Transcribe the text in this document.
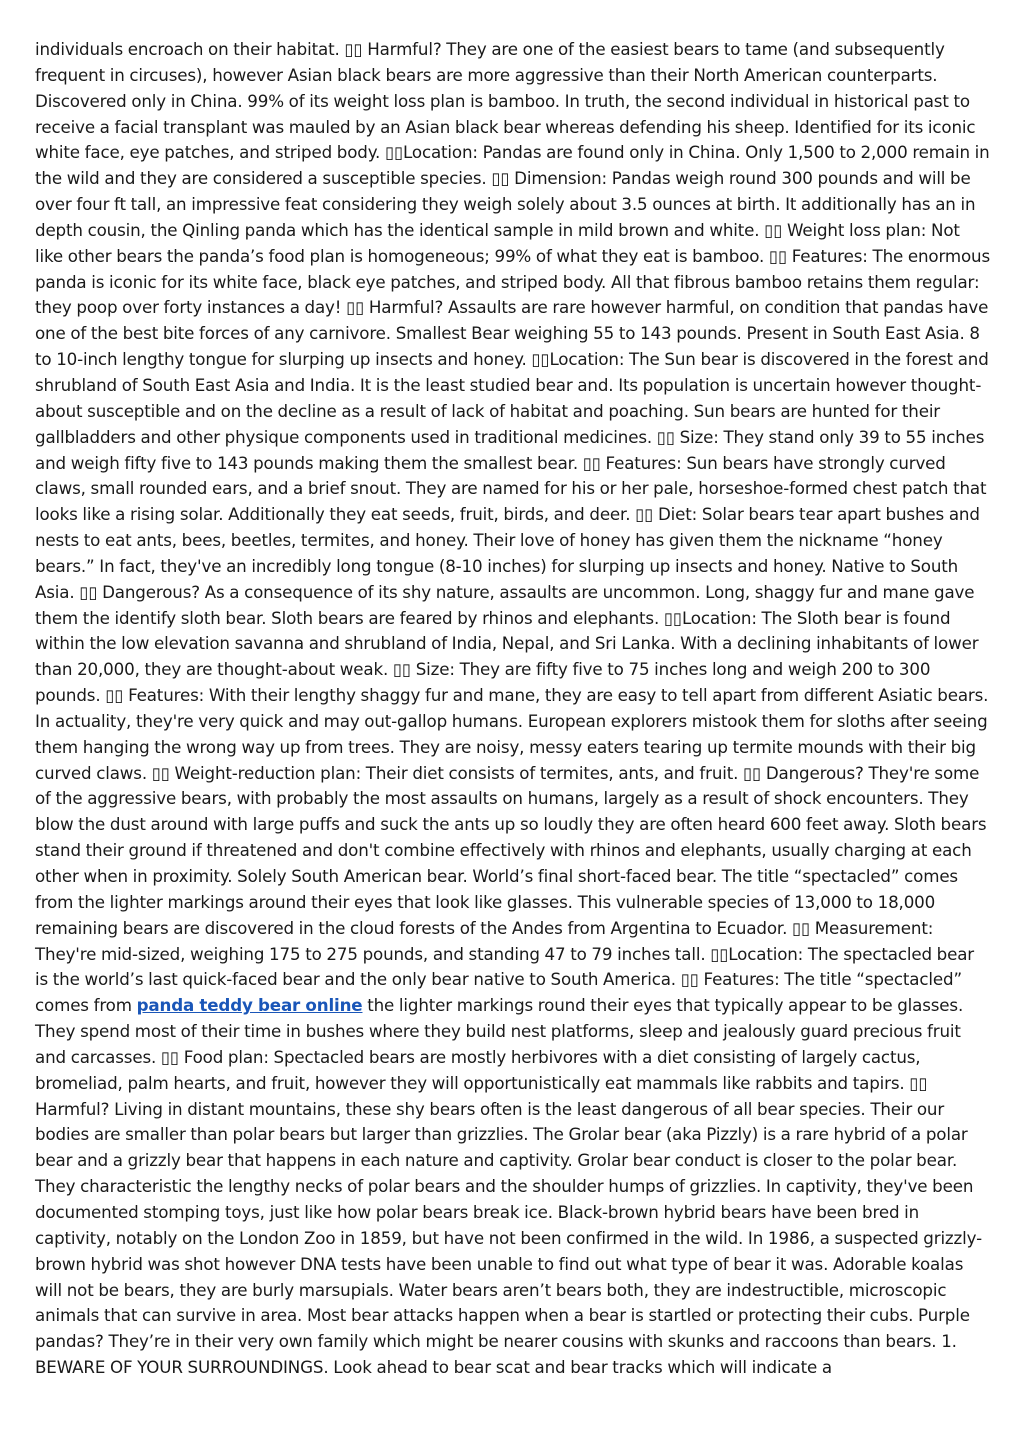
individuals encroach on their habitat. ▯▯ Harmful? They are one of the easiest bears to tame (and subsequently frequent in circuses), however Asian black bears are more aggressive than their North American counterparts. Discovered only in China. 99% of its weight loss plan is bamboo. In truth, the second individual in historical past to receive a facial transplant was mauled by an Asian black bear whereas defending his sheep. Identified for its iconic white face, eye patches, and striped body. ▯▯Location: Pandas are found only in China. Only 1,500 to 2,000 remain in the wild and they are considered a susceptible species. ▯▯ Dimension: Pandas weigh round 300 pounds and will be over four ft tall, an impressive feat considering they weigh solely about 3.5 ounces at birth. It additionally has an in depth cousin, the Qinling panda which has the identical sample in mild brown and white. ▯▯ Weight loss plan: Not like other bears the panda’s food plan is homogeneous; 99% of what they eat is bamboo. ▯▯ Features: The enormous panda is iconic for its white face, black eye patches, and striped body. All that fibrous bamboo retains them regular: they poop over forty instances a day! ▯▯ Harmful? Assaults are rare however harmful, on condition that pandas have one of the best bite forces of any carnivore. Smallest Bear weighing 55 to 143 pounds. Present in South East Asia. 8 to 10-inch lengthy tongue for slurping up insects and honey. ▯▯Location: The Sun bear is discovered in the forest and shrubland of South East Asia and India. It is the least studied bear and. Its population is uncertain however thought-about susceptible and on the decline as a result of lack of habitat and poaching. Sun bears are hunted for their gallbladders and other physique components used in traditional medicines. ▯▯ Size: They stand only 39 to 55 inches and weigh fifty five to 143 pounds making them the smallest bear. ▯▯ Features: Sun bears have strongly curved claws, small rounded ears, and a brief snout. They are named for his or her pale, horseshoe-formed chest patch that looks like a rising solar. Additionally they eat seeds, fruit, birds, and deer. ▯▯ Diet: Solar bears tear apart bushes and nests to eat ants, bees, beetles, termites, and honey. Their love of honey has given them the nickname “honey bears.” In fact, they've an incredibly long tongue (8-10 inches) for slurping up insects and honey. Native to South Asia. ▯▯ Dangerous? As a consequence of its shy nature, assaults are uncommon. Long, shaggy fur and mane gave them the identify sloth bear. Sloth bears are feared by rhinos and elephants. ▯▯Location: The Sloth bear is found within the low elevation savanna and shrubland of India, Nepal, and Sri Lanka. With a declining inhabitants of lower than 20,000, they are thought-about weak. ▯▯ Size: They are fifty five to 75 inches long and weigh 200 to 300 pounds. ▯▯ Features: With their lengthy shaggy fur and mane, they are easy to tell apart from different Asiatic bears. In actuality, they're very quick and may out-gallop humans. European explorers mistook them for sloths after seeing them hanging the wrong way up from trees. They are noisy, messy eaters tearing up termite mounds with their big curved claws. ▯▯ Weight-reduction plan: Their diet consists of termites, ants, and fruit. ▯▯ Dangerous? They're some of the aggressive bears, with probably the most assaults on humans, largely as a result of shock encounters. They blow the dust around with large puffs and suck the ants up so loudly they are often heard 600 feet away. Sloth bears stand their ground if threatened and don't combine effectively with rhinos and elephants, usually charging at each other when in proximity. Solely South American bear. World’s final short-faced bear. The title “spectacled” comes from the lighter markings around their eyes that look like glasses. This vulnerable species of 13,000 to 18,000 remaining bears are discovered in the cloud forests of the Andes from Argentina to Ecuador. ▯▯ Measurement: They're mid-sized, weighing 175 to 275 pounds, and standing 47 to 79 inches tall. ▯▯Location: The spectacled bear is the world’s last quick-faced bear and the only bear native to South America. ▯▯ Features: The title “spectacled” comes from panda teddy bear online the lighter markings round their eyes that typically appear to be glasses. They spend most of their time in bushes where they build nest platforms, sleep and jealously guard precious fruit and carcasses. ▯▯ Food plan: Spectacled bears are mostly herbivores with a diet consisting of largely cactus, bromeliad, palm hearts, and fruit, however they will opportunistically eat mammals like rabbits and tapirs. ▯▯ Harmful? Living in distant mountains, these shy bears often is the least dangerous of all bear species. Their our bodies are smaller than polar bears but larger than grizzlies. The Grolar bear (aka Pizzly) is a rare hybrid of a polar bear and a grizzly bear that happens in each nature and captivity. Grolar bear conduct is closer to the polar bear. They characteristic the lengthy necks of polar bears and the shoulder humps of grizzlies. In captivity, they've been documented stomping toys, just like how polar bears break ice. Black-brown hybrid bears have been bred in captivity, notably on the London Zoo in 1859, but have not been confirmed in the wild. In 1986, a suspected grizzly-brown hybrid was shot however DNA tests have been unable to find out what type of bear it was. Adorable koalas will not be bears, they are burly marsupials. Water bears aren’t bears both, they are indestructible, microscopic animals that can survive in area. Most bear attacks happen when a bear is startled or protecting their cubs. Purple pandas? They’re in their very own family which might be nearer cousins with skunks and raccoons than bears. 1. BEWARE OF YOUR SURROUNDINGS. Look ahead to bear scat and bear tracks which will indicate a
